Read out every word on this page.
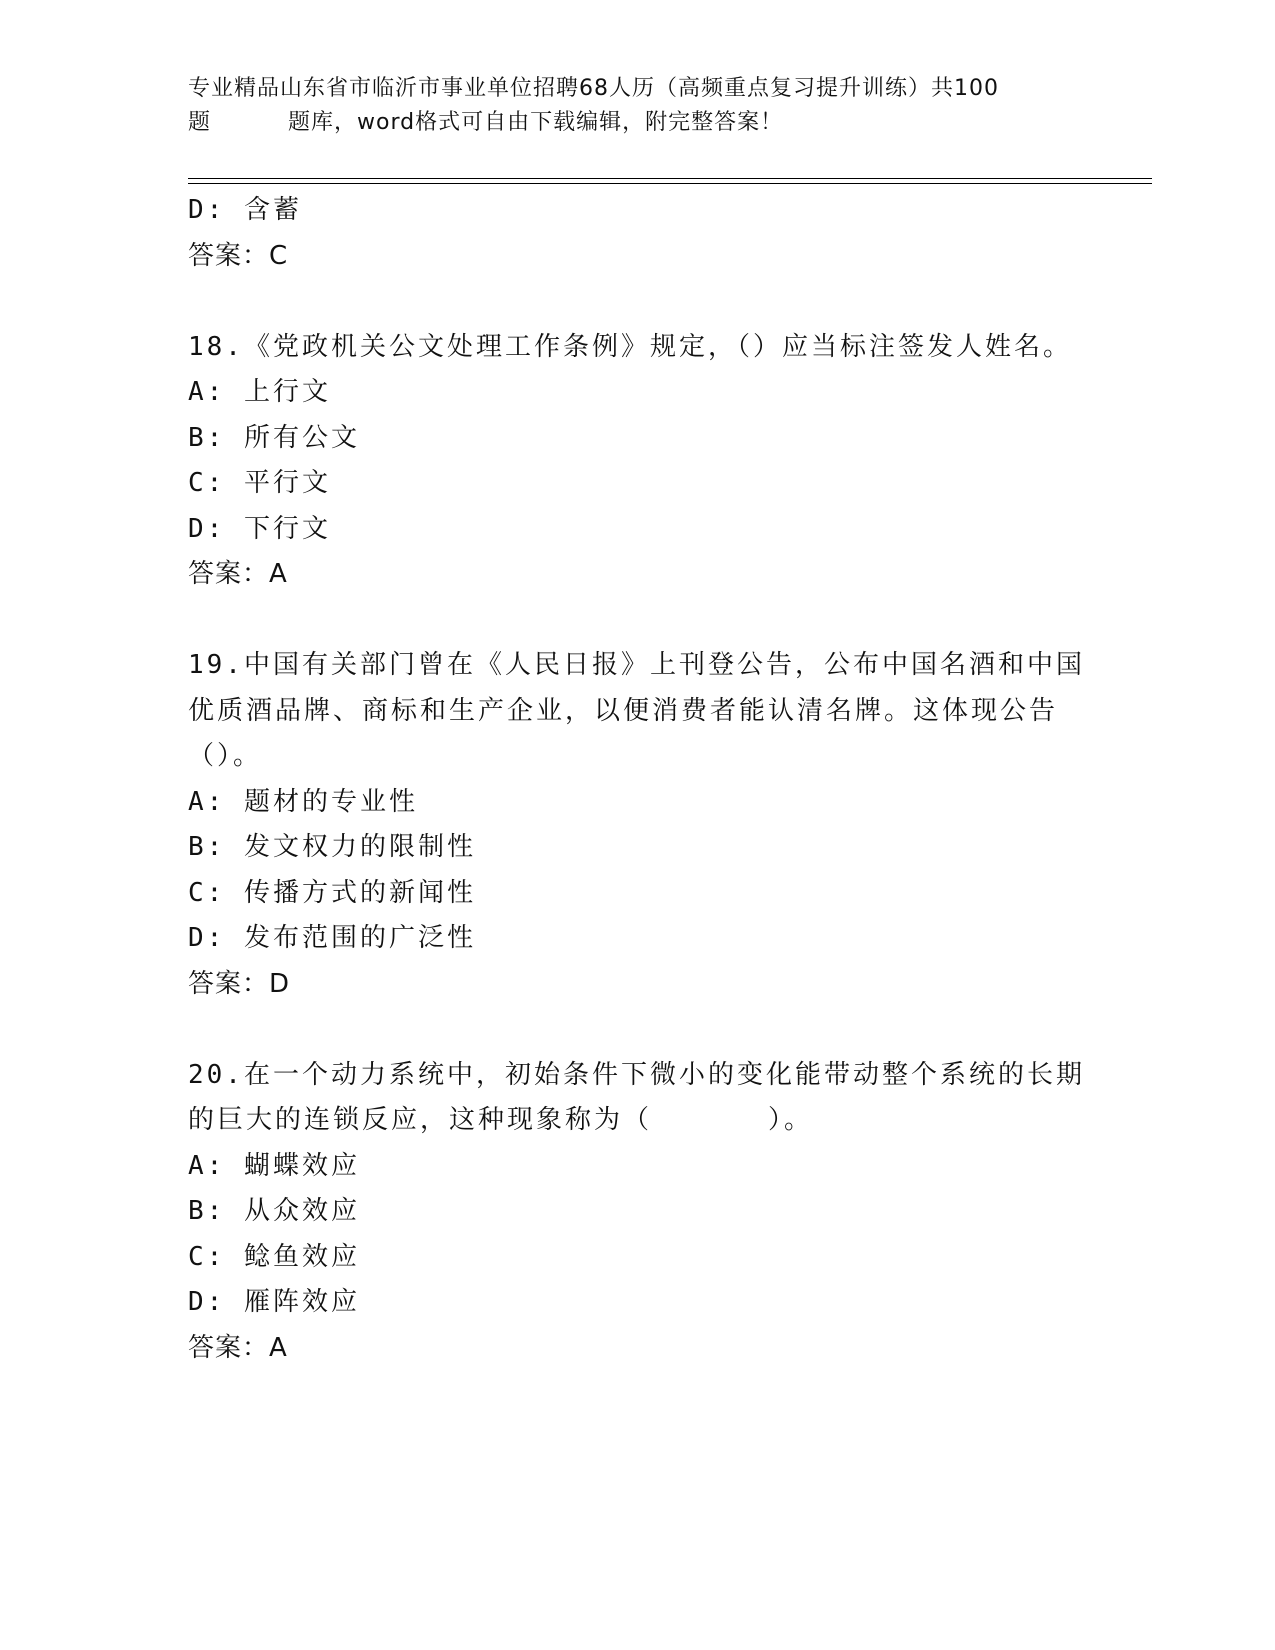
专业精品山东省市临沂市事业单位招聘68人历（高频重点复习提升训练）共100
题	题库，word格式可自由下载编辑，附完整答案！
D: 含蓄
答案：C
18.《党政机关公文处理工作条例》规定，（）应当标注签发人姓名。
A: 上行文
B: 所有公文
C: 平行文
D: 下行文
答案：A
19.中国有关部门曾在《人民日报》上刊登公告，公布中国名酒和中国优质酒品牌、商标和生产企业，以便消费者能认清名牌。这体现公告（）。
A: 题材的专业性
B: 发文权力的限制性
C: 传播方式的新闻性
D: 发布范围的广泛性
答案：D
20.在一个动力系统中，初始条件下微小的变化能带动整个系统的长期的巨大的连锁反应，这种现象称为（　　　　）。
A: 蝴蝶效应
B: 从众效应
C: 鲶鱼效应
D: 雁阵效应
答案：A
